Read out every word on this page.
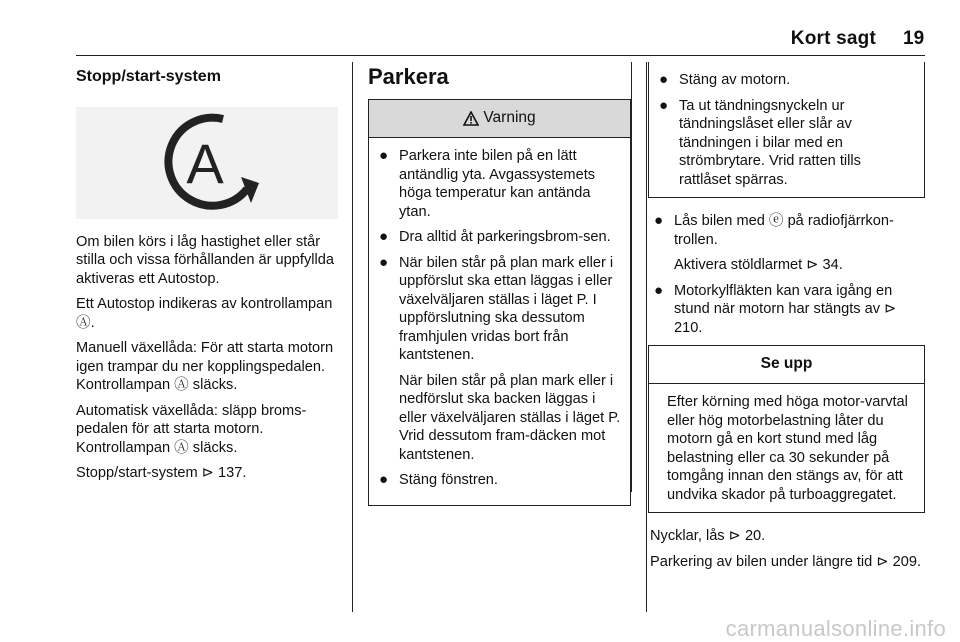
Kort sagt 19
Stopp/start-system
A

Om bilen körs i låg hastighet eller står stilla och vissa förhållanden är uppfyllda aktiveras ett Autostop.

Ett Autostop indikeras av kontrollampan Ⓐ.

Manuell växellåda: För att starta motorn igen trampar du ner kopplingspedalen. Kontrollampan Ⓐ släcks.

Automatisk växellåda: släpp broms-pedalen för att starta motorn. Kontrollampan Ⓐ släcks.

Stopp/start-system ⊳ 137.

Parkera
Varning
● Parkera inte bilen på en lätt antändlig yta. Avgassystemets höga temperatur kan antända ytan.
● Dra alltid åt parkeringsbrom-sen.
● När bilen står på plan mark eller i uppförslut ska ettan läggas i eller växelväljaren ställas i läget P. I uppförslutning ska dessutom framhjulen vridas bort från kantstenen.
När bilen står på plan mark eller i nedförslut ska backen läggas i eller växelväljaren ställas i läget P. Vrid dessutom fram-däcken mot kantstenen.
● Stäng fönstren.
● Stäng av motorn.
● Ta ut tändningsnyckeln ur tändningslåset eller slår av tändningen i bilar med en strömbrytare. Vrid ratten tills rattlåset spärras.
● Lås bilen med ⓔ på radiofjärrkon-trollen.
Aktivera stöldlarmet ⊳ 34.
● Motorkylfläkten kan vara igång en stund när motorn har stängts av ⊳ 210.
Se upp
Efter körning med höga motor-varvtal eller hög motorbelastning låter du motorn gå en kort stund med låg belastning eller ca 30 sekunder på tomgång innan den stängs av, för att undvika skador på turboaggregatet.

Nycklar, lås ⊳ 20.

Parkering av bilen under längre tid ⊳ 209.

carmanualsonline.info
